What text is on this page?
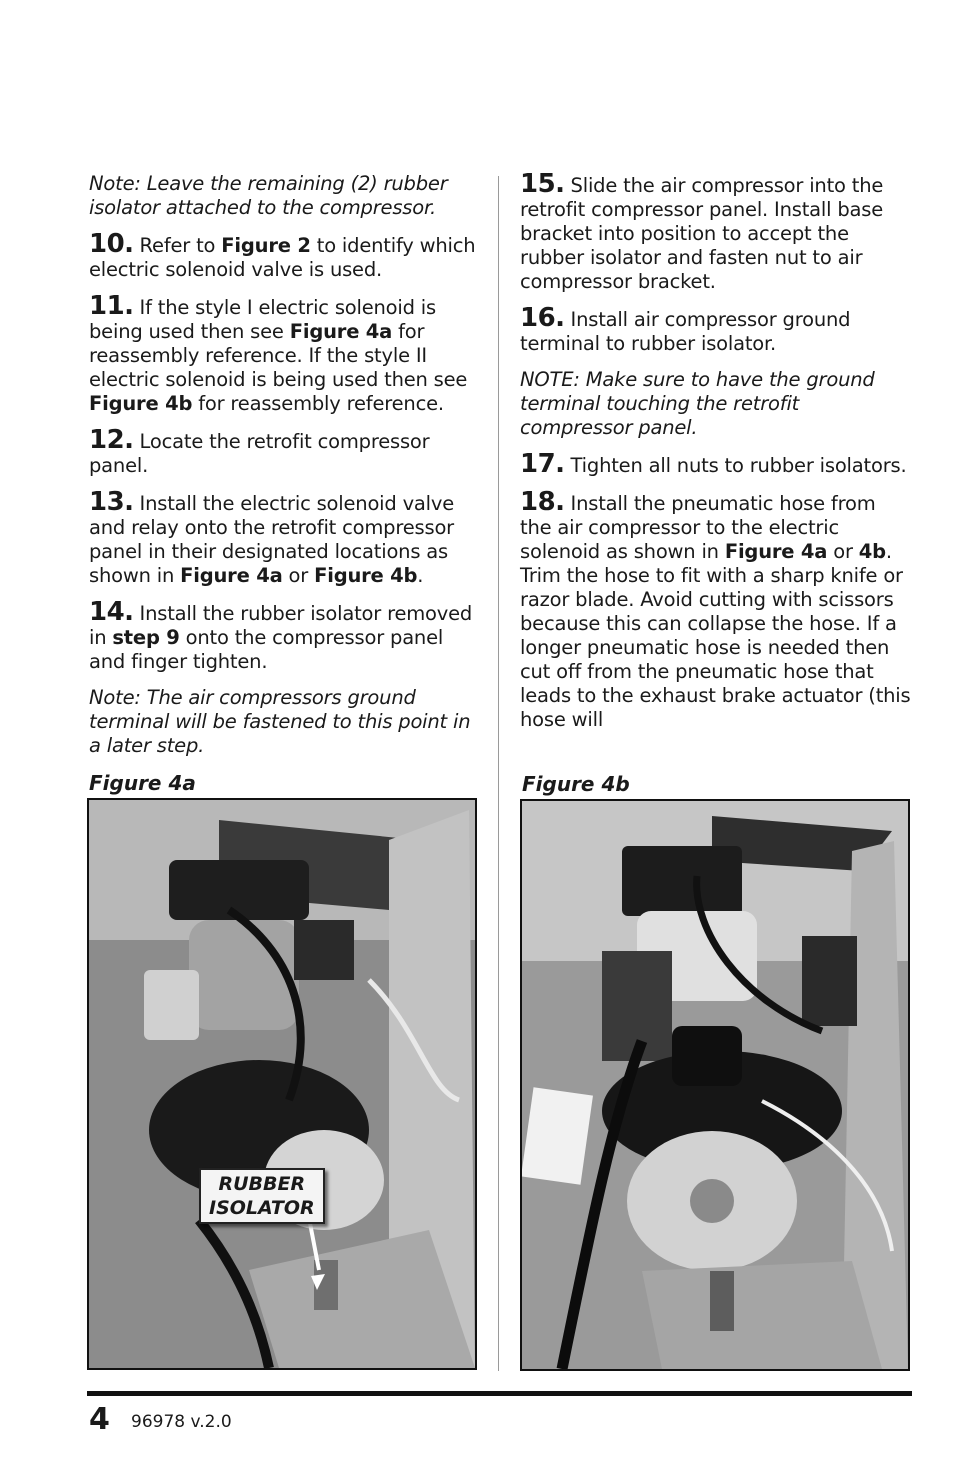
Note: Leave the remaining (2) rubber isolator attached to the compressor.

10. Refer to Figure 2 to identify which electric solenoid valve is used.

11. If the style I electric solenoid is being used then see Figure 4a for reassembly reference. If the style II electric solenoid is being used then see Figure 4b for reassembly reference.

12. Locate the retrofit compressor panel.

13. Install the electric solenoid valve and relay onto the retrofit compressor panel in their designated locations as shown in Figure 4a or Figure 4b.

14. Install the rubber isolator removed in step 9 onto the compressor panel and finger tighten.

Note: The air compressors ground terminal will be fastened to this point in a later step.

15. Slide the air compressor into the retrofit compressor panel. Install base bracket into position to accept the rubber isolator and fasten nut to air compressor bracket.

16. Install air compressor ground terminal to rubber isolator.

NOTE: Make sure to have the ground terminal touching the retrofit compressor panel.

17. Tighten all nuts to rubber isolators.

18. Install the pneumatic hose from the air compressor to the electric solenoid as shown in Figure 4a or 4b. Trim the hose to fit with a sharp knife or razor blade. Avoid cutting with scissors because this can collapse the hose. If a longer pneumatic hose is needed then cut off from the pneumatic hose that leads to the exhaust brake actuator (this hose will

Figure 4a
RUBBER
ISOLATOR
Figure 4b
4 96978 v.2.0
